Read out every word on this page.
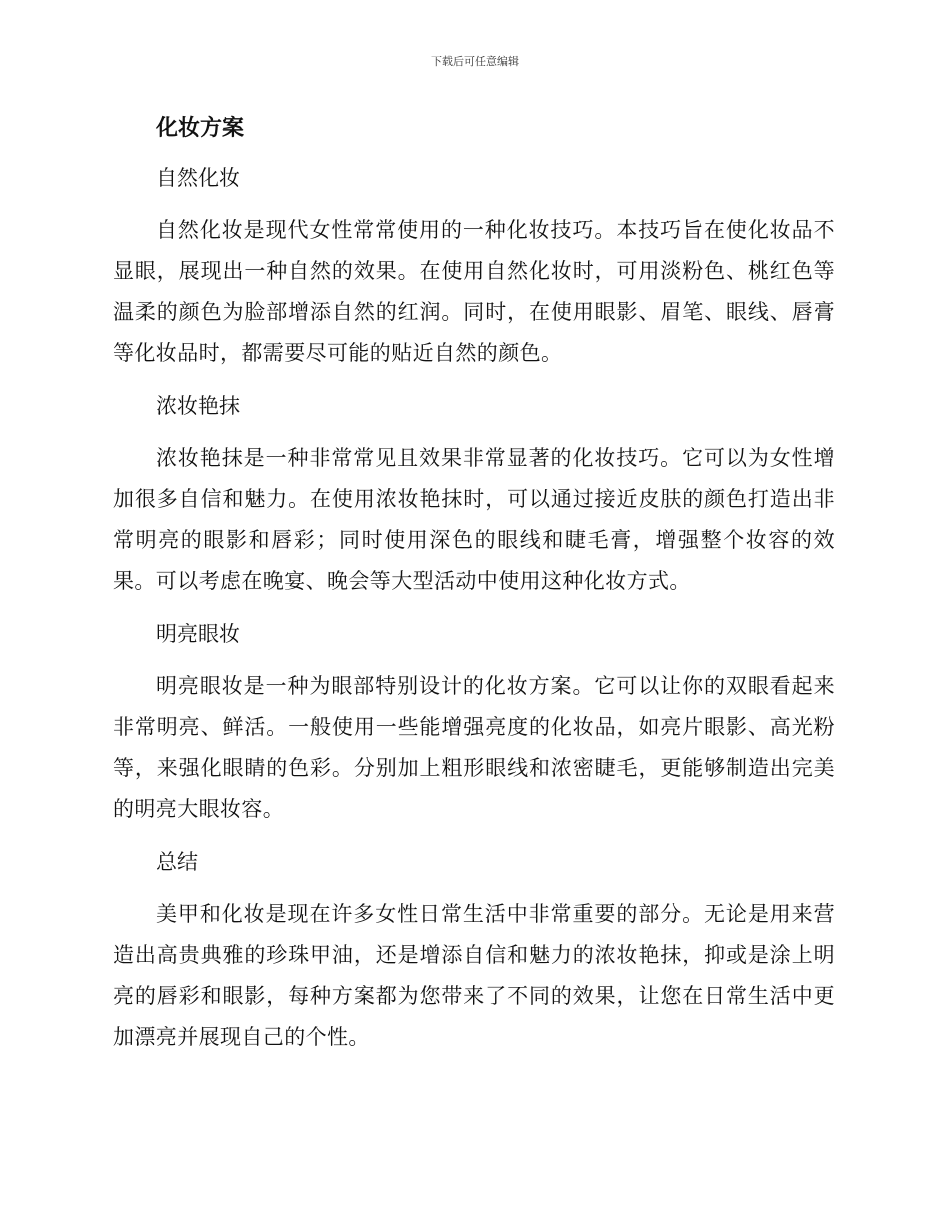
下载后可任意编辑
化妆方案
自然化妆

自然化妆是现代女性常常使用的一种化妆技巧。本技巧旨在使化妆品不显眼，展现出一种自然的效果。在使用自然化妆时，可用淡粉色、桃红色等温柔的颜色为脸部增添自然的红润。同时，在使用眼影、眉笔、眼线、唇膏等化妆品时，都需要尽可能的贴近自然的颜色。

浓妆艳抹

浓妆艳抹是一种非常常见且效果非常显著的化妆技巧。它可以为女性增加很多自信和魅力。在使用浓妆艳抹时，可以通过接近皮肤的颜色打造出非常明亮的眼影和唇彩；同时使用深色的眼线和睫毛膏，增强整个妆容的效果。可以考虑在晚宴、晚会等大型活动中使用这种化妆方式。

明亮眼妆

明亮眼妆是一种为眼部特别设计的化妆方案。它可以让你的双眼看起来非常明亮、鲜活。一般使用一些能增强亮度的化妆品，如亮片眼影、高光粉等，来强化眼睛的色彩。分别加上粗形眼线和浓密睫毛，更能够制造出完美的明亮大眼妆容。

总结

美甲和化妆是现在许多女性日常生活中非常重要的部分。无论是用来营造出高贵典雅的珍珠甲油，还是增添自信和魅力的浓妆艳抹，抑或是涂上明亮的唇彩和眼影，每种方案都为您带来了不同的效果，让您在日常生活中更加漂亮并展现自己的个性。
